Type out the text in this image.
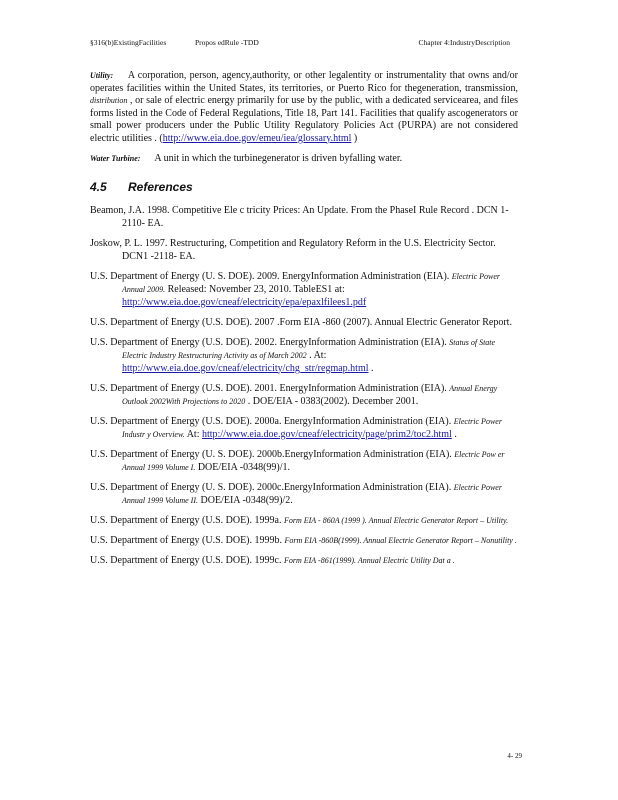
§316(b)ExistingFacilities	Propos edRule -TDD	Chapter 4:IndustryDescription

Utility: A corporation, person, agency,authority, or other legalentity or instrumentality that owns and/or operates facilities within the United States, its territories, or Puerto Rico for thegeneration, transmission, distribution , or sale of electric energy primarily for use by the public, with a dedicated servicearea, and files forms listed in the Code of Federal Regulations, Title 18, Part 141. Facilities that qualify ascogenerators or small power producers under the Public Utility Regulatory Policies Act (PURPA) are not considered electric utilities . (http://www.eia.doe.gov/emeu/iea/glossary.html )

Water Turbine: A unit in which the turbinegenerator is driven byfalling water.

4.5	References

Beamon, J.A. 1998. Competitive Ele c tricity Prices: An Update. From the PhaseI Rule Record . DCN 1-2110- EA.

Joskow, P. L. 1997. Restructuring, Competition and Regulatory Reform in the U.S. Electricity Sector. DCN1 -2118- EA.

U.S. Department of Energy (U. S. DOE). 2009. EnergyInformation Administration (EIA). Electric Power Annual 2009. Released: November 23, 2010. TableES1 at: http://www.eia.doe.gov/cneaf/electricity/epa/epaxlfilees1.pdf

U.S. Department of Energy (U.S. DOE). 2007 .Form EIA -860 (2007). Annual Electric Generator Report.

U.S. Department of Energy (U.S. DOE). 2002. EnergyInformation Administration (EIA). Status of State Electric Industry Restructuring Activity as of March 2002 . At: http://www.eia.doe.gov/cneaf/electricity/chg_str/regmap.html .

U.S. Department of Energy (U.S. DOE). 2001. EnergyInformation Administration (EIA). Annual Energy Outlook 2002With Projections to 2020 . DOE/EIA - 0383(2002). December 2001.

U.S. Department of Energy (U.S. DOE). 2000a. EnergyInformation Administration (EIA). Electric Power Industr y Overview. At: http://www.eia.doe.gov/cneaf/electricity/page/prim2/toc2.html .

U.S. Department of Energy (U. S. DOE). 2000b.EnergyInformation Administration (EIA). Electric Pow er Annual 1999 Volume I. DOE/EIA -0348(99)/1.

U.S. Department of Energy (U. S. DOE). 2000c.EnergyInformation Administration (EIA). Electric Power Annual 1999 Volume II. DOE/EIA -0348(99)/2.

U.S. Department of Energy (U.S. DOE). 1999a. Form EIA - 860A (1999 ). Annual Electric Generator Report – Utility.

U.S. Department of Energy (U.S. DOE). 1999b. Form EIA -860B(1999). Annual Electric Generator Report – Nonutility .

U.S. Department of Energy (U.S. DOE). 1999c. Form EIA -861(1999). Annual Electric Utility Dat a .

4- 29
